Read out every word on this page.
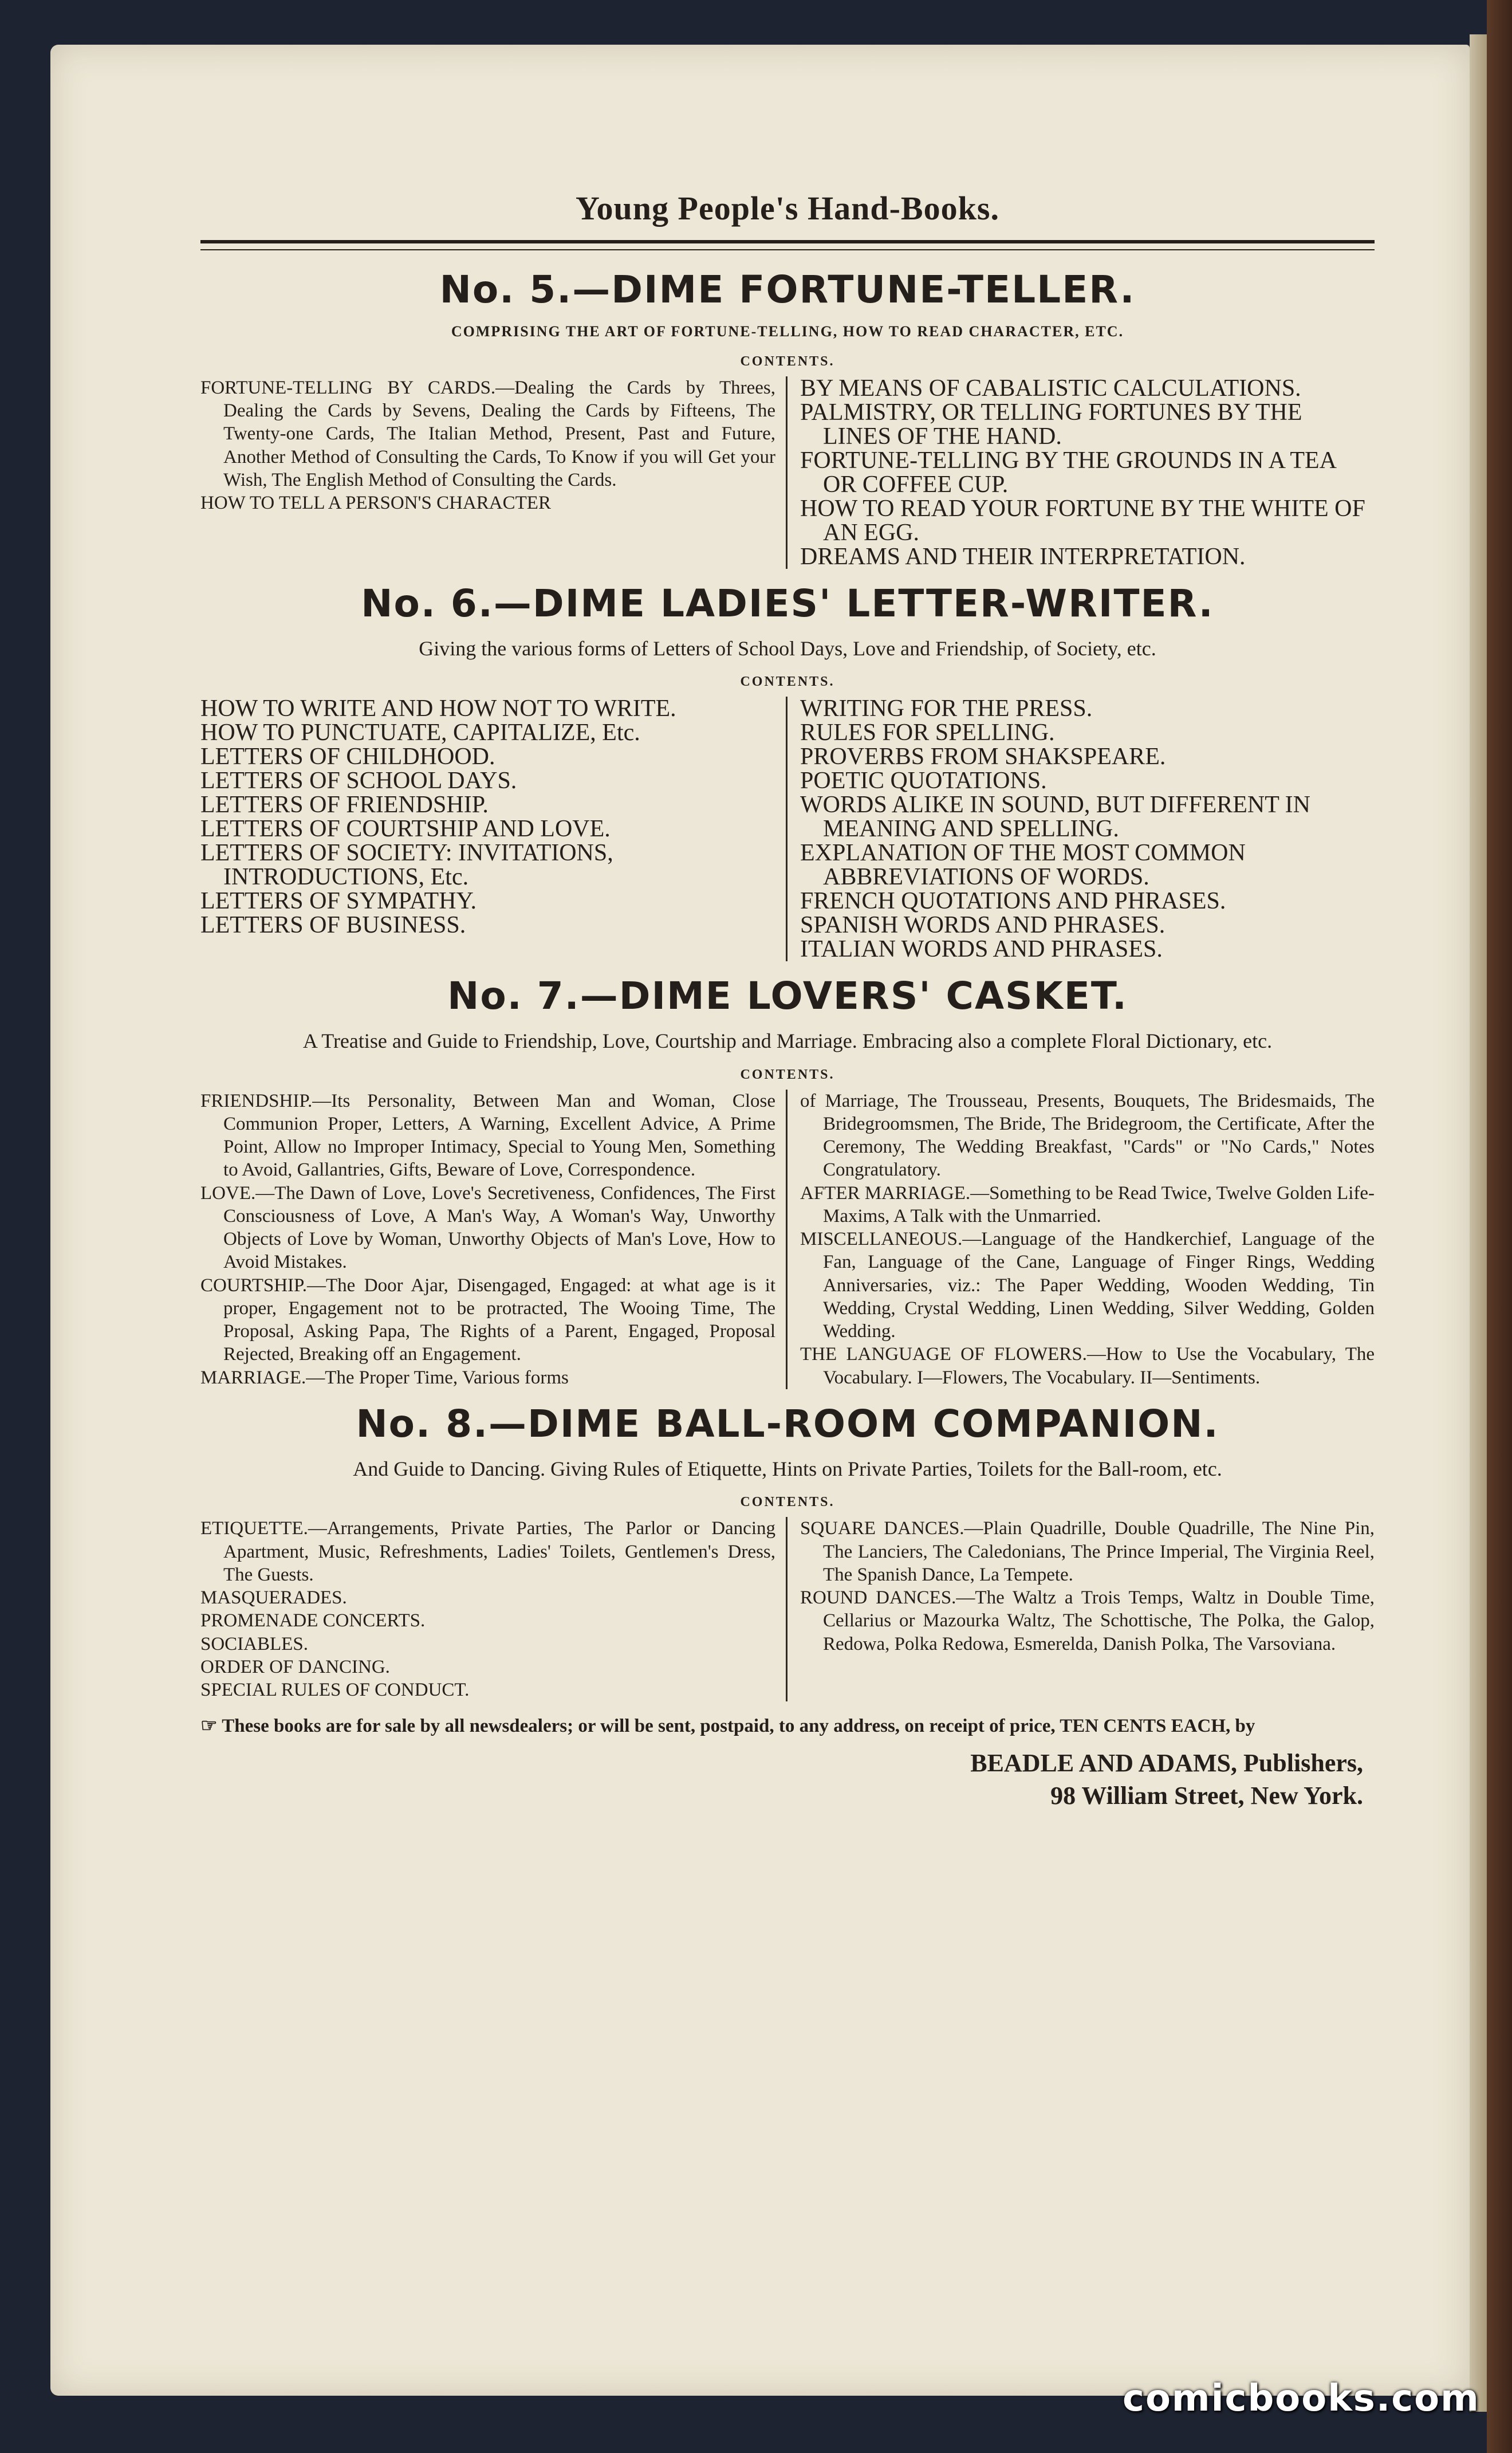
Young People's Hand-Books.
No. 5.—DIME FORTUNE-TELLER.
COMPRISING THE ART OF FORTUNE-TELLING, HOW TO READ CHARACTER, ETC.
CONTENTS.

FORTUNE-TELLING BY CARDS.—Dealing the Cards by Threes, Dealing the Cards by Sevens, Dealing the Cards by Fifteens, The Twenty-one Cards, The Italian Method, Present, Past and Future, Another Method of Consulting the Cards, To Know if you will Get your Wish, The English Method of Consulting the Cards.

HOW TO TELL A PERSON'S CHARACTER

BY MEANS OF CABALISTIC CALCULATIONS.

PALMISTRY, OR TELLING FORTUNES BY THE LINES OF THE HAND.

FORTUNE-TELLING BY THE GROUNDS IN A TEA OR COFFEE CUP.

HOW TO READ YOUR FORTUNE BY THE WHITE OF AN EGG.

DREAMS AND THEIR INTERPRETATION.

No. 6.—DIME LADIES' LETTER-WRITER.
Giving the various forms of Letters of School Days, Love and Friendship, of Society, etc.
CONTENTS.

HOW TO WRITE AND HOW NOT TO WRITE.

HOW TO PUNCTUATE, CAPITALIZE, Etc.

LETTERS OF CHILDHOOD.

LETTERS OF SCHOOL DAYS.

LETTERS OF FRIENDSHIP.

LETTERS OF COURTSHIP AND LOVE.

LETTERS OF SOCIETY: INVITATIONS, INTRODUCTIONS, Etc.

LETTERS OF SYMPATHY.

LETTERS OF BUSINESS.

WRITING FOR THE PRESS.

RULES FOR SPELLING.

PROVERBS FROM SHAKSPEARE.

POETIC QUOTATIONS.

WORDS ALIKE IN SOUND, BUT DIFFERENT IN MEANING AND SPELLING.

EXPLANATION OF THE MOST COMMON ABBREVIATIONS OF WORDS.

FRENCH QUOTATIONS AND PHRASES.

SPANISH WORDS AND PHRASES.

ITALIAN WORDS AND PHRASES.

No. 7.—DIME LOVERS' CASKET.
A Treatise and Guide to Friendship, Love, Courtship and Marriage. Embracing also a complete Floral Dictionary, etc.
CONTENTS.

FRIENDSHIP.—Its Personality, Between Man and Woman, Close Communion Proper, Letters, A Warning, Excellent Advice, A Prime Point, Allow no Improper Intimacy, Special to Young Men, Something to Avoid, Gallantries, Gifts, Beware of Love, Correspondence.

LOVE.—The Dawn of Love, Love's Secretiveness, Confidences, The First Consciousness of Love, A Man's Way, A Woman's Way, Unworthy Objects of Love by Woman, Unworthy Objects of Man's Love, How to Avoid Mistakes.

COURTSHIP.—The Door Ajar, Disengaged, Engaged: at what age is it proper, Engagement not to be protracted, The Wooing Time, The Proposal, Asking Papa, The Rights of a Parent, Engaged, Proposal Rejected, Breaking off an Engagement.

MARRIAGE.—The Proper Time, Various forms

of Marriage, The Trousseau, Presents, Bouquets, The Bridesmaids, The Bridegroomsmen, The Bride, The Bridegroom, the Certificate, After the Ceremony, The Wedding Breakfast, "Cards" or "No Cards," Notes Congratulatory.

AFTER MARRIAGE.—Something to be Read Twice, Twelve Golden Life-Maxims, A Talk with the Unmarried.

MISCELLANEOUS.—Language of the Handkerchief, Language of the Fan, Language of the Cane, Language of Finger Rings, Wedding Anniversaries, viz.: The Paper Wedding, Wooden Wedding, Tin Wedding, Crystal Wedding, Linen Wedding, Silver Wedding, Golden Wedding.

THE LANGUAGE OF FLOWERS.—How to Use the Vocabulary, The Vocabulary. I—Flowers, The Vocabulary. II—Sentiments.

No. 8.—DIME BALL-ROOM COMPANION.
And Guide to Dancing. Giving Rules of Etiquette, Hints on Private Parties, Toilets for the Ball-room, etc.
CONTENTS.

ETIQUETTE.—Arrangements, Private Parties, The Parlor or Dancing Apartment, Music, Refreshments, Ladies' Toilets, Gentlemen's Dress, The Guests.

MASQUERADES.

PROMENADE CONCERTS.

SOCIABLES.

ORDER OF DANCING.

SPECIAL RULES OF CONDUCT.

SQUARE DANCES.—Plain Quadrille, Double Quadrille, The Nine Pin, The Lanciers, The Caledonians, The Prince Imperial, The Virginia Reel, The Spanish Dance, La Tempete.

ROUND DANCES.—The Waltz a Trois Temps, Waltz in Double Time, Cellarius or Mazourka Waltz, The Schottische, The Polka, the Galop, Redowa, Polka Redowa, Esmerelda, Danish Polka, The Varsoviana.

☞ These books are for sale by all newsdealers; or will be sent, postpaid, to any address, on receipt of price, TEN CENTS EACH, by
BEADLE AND ADAMS, Publishers,
98 William Street, New York.
comicbooks.com
